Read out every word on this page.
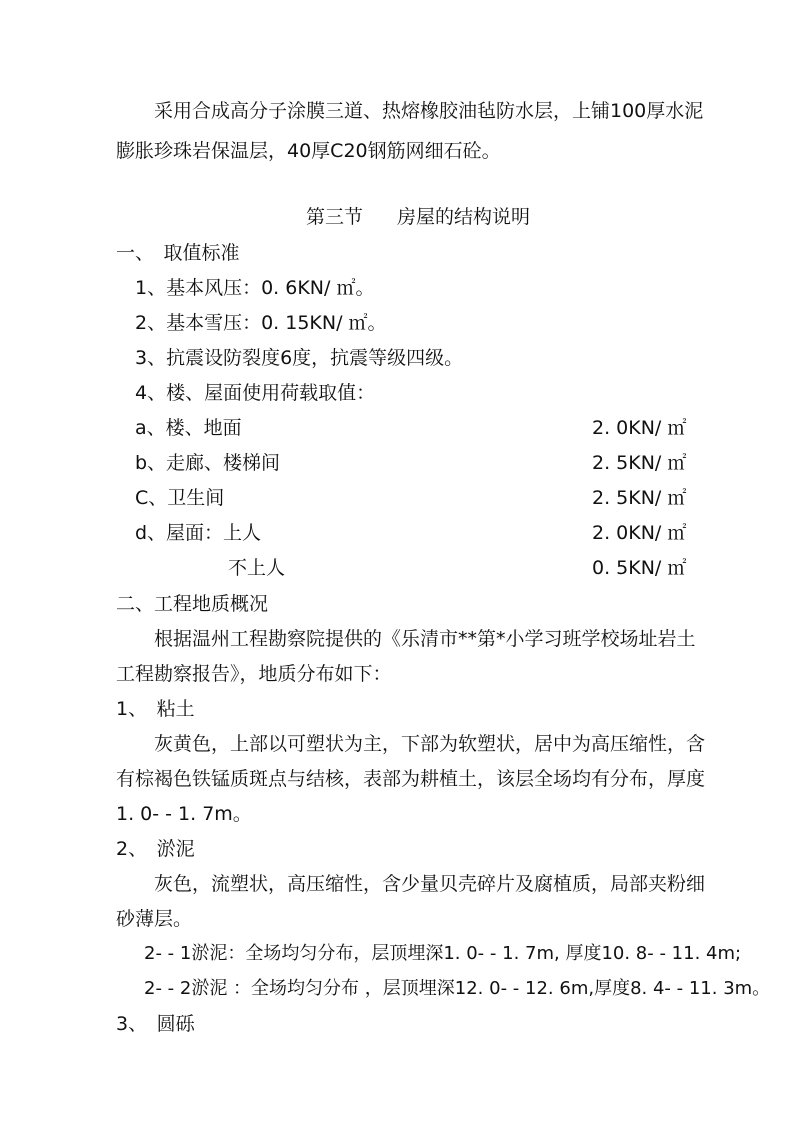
采用合成高分子涂膜三道、热熔橡胶油毡防水层，上铺100厚水泥
膨胀珍珠岩保温层，40厚C20钢筋网细石砼。
第三节 房屋的结构说明
一、　取值标准
1、基本风压：0. 6KN/ ㎡。
2、基本雪压：0. 15KN/ ㎡。
3、抗震设防裂度6度，抗震等级四级。
4、楼、屋面使用荷载取值：
a、楼、地面	2. 0KN/ ㎡
b、走廊、楼梯间	2. 5KN/ ㎡
C、卫生间	2. 5KN/ ㎡
d、屋面：上人	2. 0KN/ ㎡
不上人	0. 5KN/ ㎡
二、工程地质概况
根据温州工程勘察院提供的《乐清市**第*小学习班学校场址岩土
工程勘察报告》，地质分布如下：
1、　粘土
灰黄色，上部以可塑状为主，下部为软塑状，居中为高压缩性，含
有棕褐色铁锰质斑点与结核，表部为耕植土，该层全场均有分布，厚度
1. 0- - 1. 7m。
2、　淤泥
灰色，流塑状，高压缩性，含少量贝壳碎片及腐植质，局部夹粉细
砂薄层。
2- - 1淤泥：全场均匀分布，层顶埋深1. 0- - 1. 7m, 厚度10. 8- - 11. 4m;
2- - 2淤泥 ：全场均匀分布 ，层顶埋深12. 0- - 12. 6m,厚度8. 4- - 11. 3m。
3、　圆砾
